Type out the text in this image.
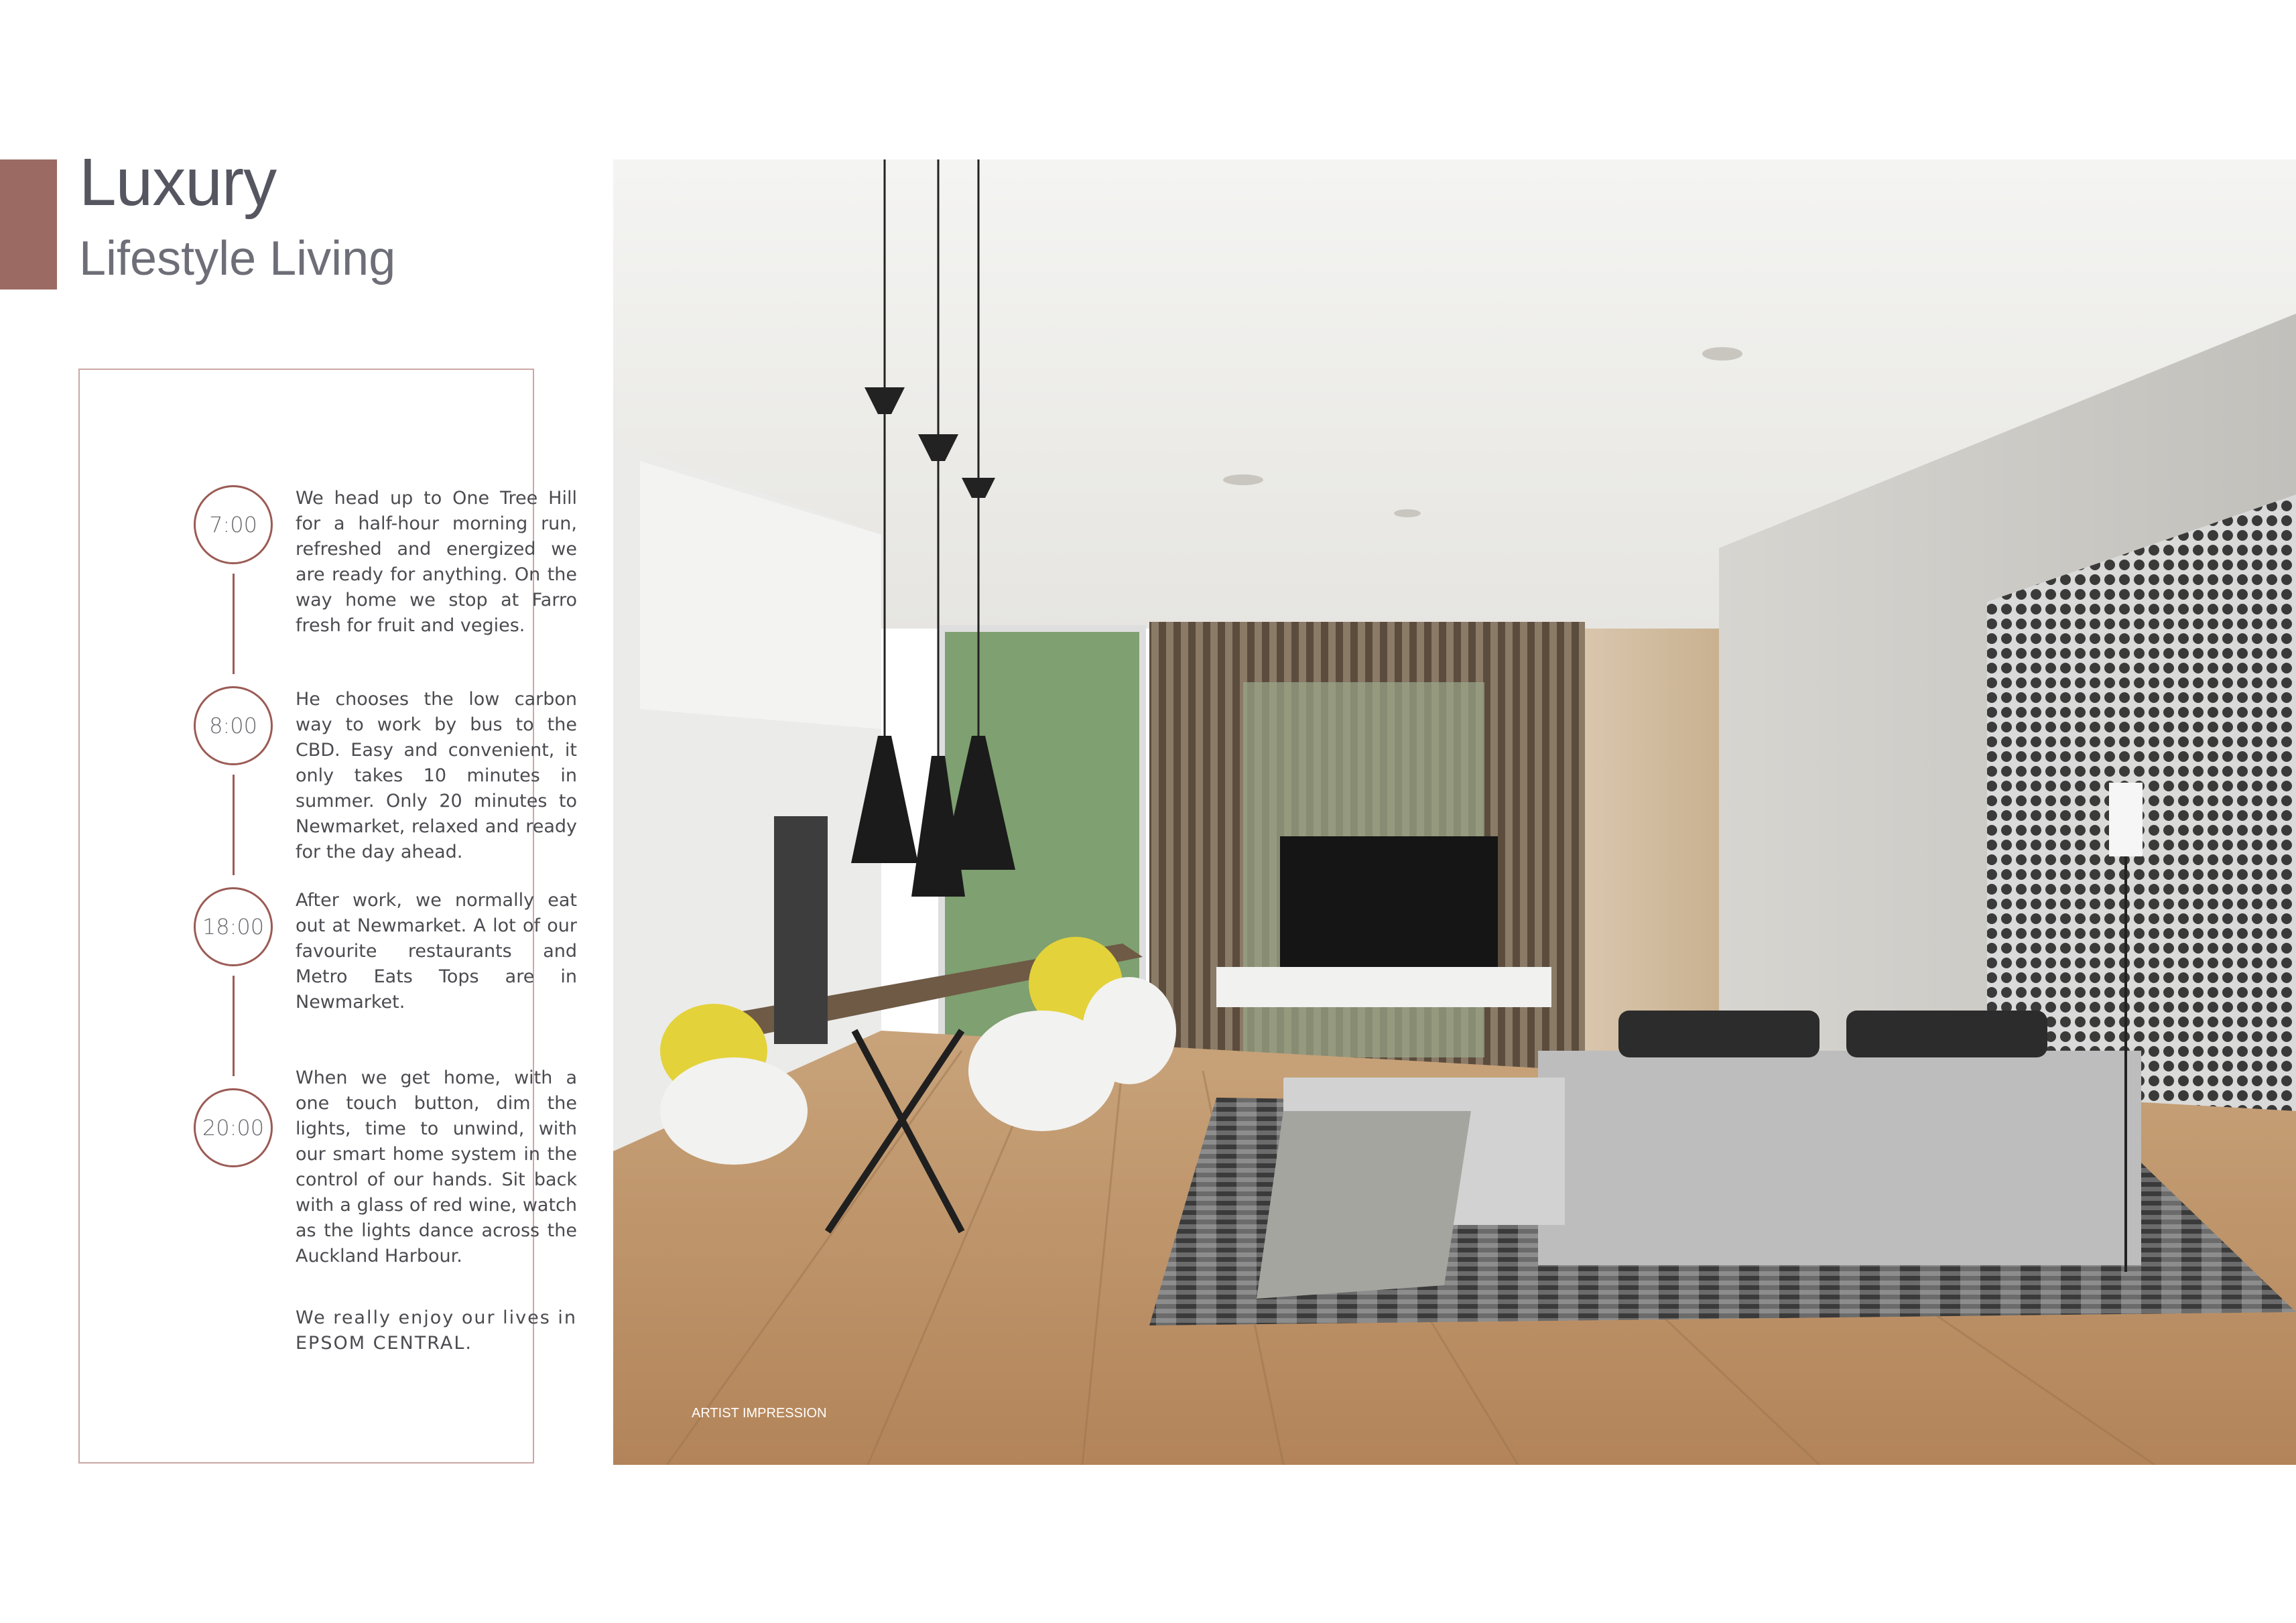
Luxury
Lifestyle Living
7:00
We head up to One Tree Hill for a half-hour morning run, refreshed and energized we are ready for anything. On the way home we stop at Farro fresh for fruit and vegies.
8:00
He chooses the low carbon way to work by bus to the CBD. Easy and convenient, it only takes 10 minutes in summer. Only 20 minutes to Newmarket, relaxed and ready for the day ahead.
18:00
After work, we normally eat out at Newmarket. A lot of our favourite restaurants and Metro Eats Tops are in Newmarket.
20:00
When we get home, with a one touch button, dim the lights, time to unwind, with our smart home system in the control of our hands. Sit back with a glass of red wine, watch as the lights dance across the Auckland Harbour.
We really enjoy our lives in EPSOM CENTRAL.
ARTIST IMPRESSION
